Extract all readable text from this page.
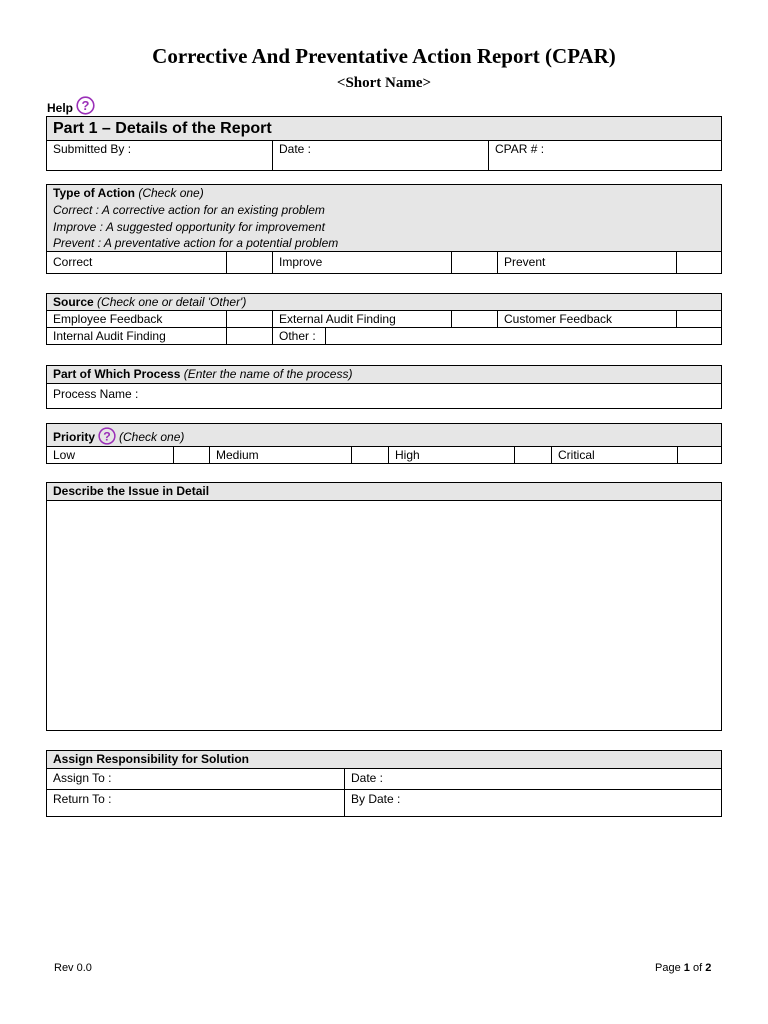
Corrective And Preventative Action Report (CPAR)
<Short Name>
Help ?
Part 1 – Details of the Report
Submitted By :	Date :	CPAR # :
Type of Action (Check one)
Correct : A corrective action for an existing problem
Improve : A suggested opportunity for improvement
Prevent : A preventative action for a potential problem
Correct	Improve	Prevent
Source (Check one or detail 'Other')
Employee Feedback	External Audit Finding	Customer Feedback
Internal Audit Finding	Other :
Part of Which Process (Enter the name of the process)
Process Name :
Priority ? (Check one)
Low	Medium	High	Critical
Describe the Issue in Detail
Assign Responsibility for Solution
Assign To :	Date :
Return To :	By Date :
Rev 0.0	Page 1 of 2
